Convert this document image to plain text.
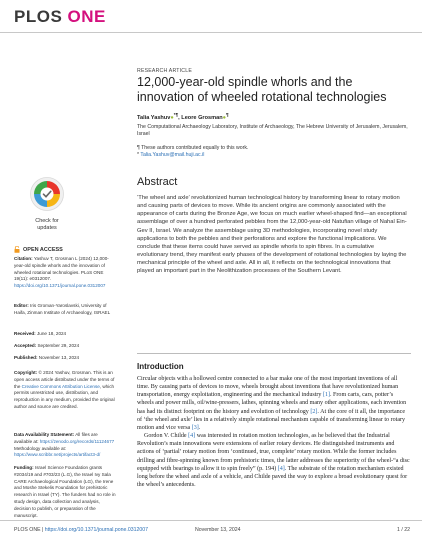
PLOS ONE
Check for
updates
OPEN ACCESS
Citation: Yashuv T, Grosman L (2024) 12,000-year-old spindle whorls and the innovation of wheeled rotational technologies. PLoS ONE 19(11): e0312007. https://doi.org/10.1371/journal.pone.0312007
Editor: Iris Groman-Yaroslavski, University of Haifa, Zinman Institute of Archaeology, ISRAEL
Received: June 18, 2024
Accepted: September 29, 2024
Published: November 13, 2024
Copyright: © 2024 Yashuv, Grosman. This is an open access article distributed under the terms of the Creative Commons Attribution License, which permits unrestricted use, distribution, and reproduction in any medium, provided the original author and source are credited.
Data Availability Statement: All files are available at: https://zenodo.org/records/11124677 Methodology available at: https://www.scribbr.net/projects/artifact3-d/
Funding: Israel Science Foundation grants #2034/19 and #703/23 (L.G), the Israel Ivy Sala CARE Archaeological Foundation (LG), the Irene and Moshe Stekelis Foundation for prehistoric research in Israel (TY). The funders had no role in study design, data collection and analysis, decision to publish, or preparation of the manuscript.
RESEARCH ARTICLE
12,000-year-old spindle whorls and the
innovation of wheeled rotational technologies
Talia Yashuv●*¶, Leore Grosman●¶
The Computational Archaeology Laboratory, Institute of Archaeology, The Hebrew University of Jerusalem, Jerusalem, Israel
¶ These authors contributed equally to this work.
* Talia.Yashuv@mail.huji.ac.il
Abstract
‘The wheel and axle’ revolutionized human technological history by transforming linear to rotary motion and causing parts of devices to move. While its ancient origins are commonly associated with the appearance of carts during the Bronze Age, we focus on much earlier wheel-shaped find—an exceptional assemblage of over a hundred perforated pebbles from the 12,000-year-old Natufian village of Nahal Ein-Gev II, Israel. We analyze the assemblage using 3D methodologies, incorporating novel study applications to both the pebbles and their perforations and explore the functional implications. We conclude that these items could have served as spindle whorls to spin fibres. In a cumulative evolutionary trend, they manifest early phases of the development of rotational technologies by laying the mechanical principle of the wheel and axle. All in all, it reflects on the technological innovations that played an important part in the Neolithization processes of the Southern Levant.
Introduction

Circular objects with a hollowed centre connected to a bar make one of the most important inventions of all time. By causing parts of devices to move, wheels brought about inventions that have revolutionized human transportation, energy exploitation, engineering and the mechanical industry [1]. From carts, cars, potter’s wheels and power mills, oil/wine-pressers, lathes, spinning wheels and many other applications, each invention has had its distinct footprint on the history and evolution of technology [2]. At the core of it all, the importance of ‘the wheel and axle’ lies in a relatively simple rotational mechanism capable of transforming linear to rotary motion and vice versa [3].

Gordon V. Childe [4] was interested in rotation motion technologies, as he believed that the Industrial Revolution’s main innovations were extensions of earlier rotary devices. He distinguished instruments and actions of ‘partial’ rotary motion from ‘continued, true, complete’ rotary motion. While the former includes drilling and fibre-spinning known from prehistoric times, the latter addresses the superiority of the wheel-“a disc equipped with bearings to allow it to spin freely” (p. 194) [4]. The substrate of the rotation mechanism existed long before the wheel and axle of a vehicle, and Childe paved the way to explore a broad evolutionary quest for the wheel’s antecedents.

PLOS ONE | https://doi.org/10.1371/journal.pone.0312007	November 13, 2024	1 / 22
